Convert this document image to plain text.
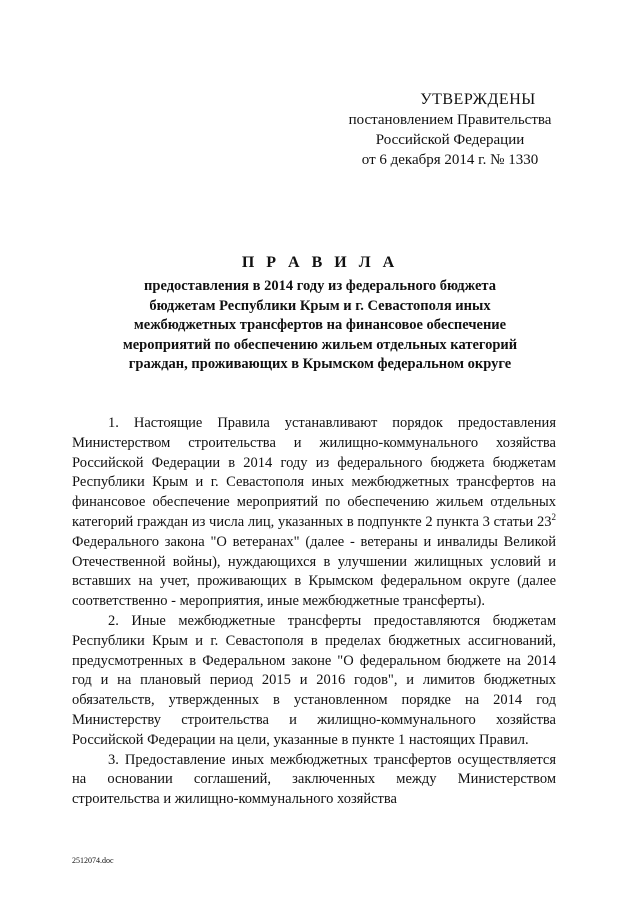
УТВЕРЖДЕНЫ
постановлением Правительства
Российской Федерации
от 6 декабря 2014 г. № 1330
П Р А В И Л А
предоставления в 2014 году из федерального бюджета
бюджетам Республики Крым и г. Севастополя иных
межбюджетных трансфертов на финансовое обеспечение
мероприятий по обеспечению жильем отдельных категорий
граждан, проживающих в Крымском федеральном округе

1. Настоящие Правила устанавливают порядок предоставления Министерством строительства и жилищно-коммунального хозяйства Российской Федерации в 2014 году из федерального бюджета бюджетам Республики Крым и г. Севастополя иных межбюджетных трансфертов на финансовое обеспечение мероприятий по обеспечению жильем отдельных категорий граждан из числа лиц, указанных в подпункте 2 пункта 3 статьи $23^2$ Федерального закона "О ветеранах" (далее - ветераны и инвалиды Великой Отечественной войны), нуждающихся в улучшении жилищных условий и вставших на учет, проживающих в Крымском федеральном округе (далее соответственно - мероприятия, иные межбюджетные трансферты).

2. Иные межбюджетные трансферты предоставляются бюджетам Республики Крым и г. Севастополя в пределах бюджетных ассигнований, предусмотренных в Федеральном законе "О федеральном бюджете на 2014 год и на плановый период 2015 и 2016 годов", и лимитов бюджетных обязательств, утвержденных в установленном порядке на 2014 год Министерству строительства и жилищно-коммунального хозяйства Российской Федерации на цели, указанные в пункте 1 настоящих Правил.

3. Предоставление иных межбюджетных трансфертов осуществляется на основании соглашений, заключенных между Министерством строительства и жилищно-коммунального хозяйства

2512074.doc
